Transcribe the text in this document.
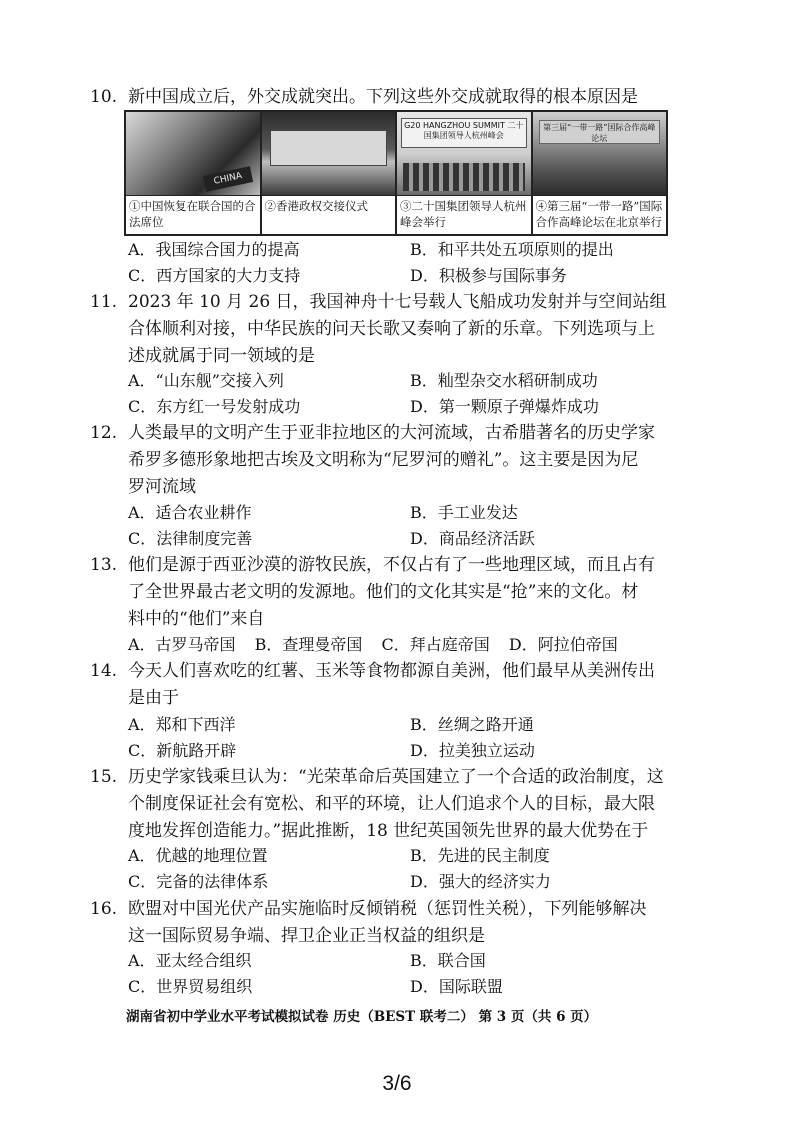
10. 新中国成立后，外交成就突出。下列这些外交成就取得的根本原因是
CHINA
①中国恢复在联合国的合法席位
②香港政权交接仪式
G20 HANGZHOU SUMMIT 二十国集团领导人杭州峰会
③二十国集团领导人杭州峰会举行
第三届“一带一路”国际合作高峰论坛
④第三届“一带一路”国际合作高峰论坛在北京举行
A．我国综合国力的提高	B．和平共处五项原则的提出
C．西方国家的大力支持	D．积极参与国际事务
11. 2023 年 10 月 26 日，我国神舟十七号载人飞船成功发射并与空间站组
合体顺利对接，中华民族的问天长歌又奏响了新的乐章。下列选项与上
述成就属于同一领域的是
A．“山东舰”交接入列	B．籼型杂交水稻研制成功
C．东方红一号发射成功	D．第一颗原子弹爆炸成功
12. 人类最早的文明产生于亚非拉地区的大河流域，古希腊著名的历史学家
希罗多德形象地把古埃及文明称为“尼罗河的赠礼”。这主要是因为尼
罗河流域
A．适合农业耕作	B．手工业发达
C．法律制度完善	D．商品经济活跃
13. 他们是源于西亚沙漠的游牧民族，不仅占有了一些地理区域，而且占有
了全世界最古老文明的发源地。他们的文化其实是“抢”来的文化。材
料中的“他们”来自
A．古罗马帝国 B．查理曼帝国 C．拜占庭帝国 D．阿拉伯帝国
14. 今天人们喜欢吃的红薯、玉米等食物都源自美洲，他们最早从美洲传出
是由于
A．郑和下西洋	B．丝绸之路开通
C．新航路开辟	D．拉美独立运动
15. 历史学家钱乘旦认为：“光荣革命后英国建立了一个合适的政治制度，这
个制度保证社会有宽松、和平的环境，让人们追求个人的目标，最大限
度地发挥创造能力。”据此推断，18 世纪英国领先世界的最大优势在于
A．优越的地理位置	B．先进的民主制度
C．完备的法律体系	D．强大的经济实力
16. 欧盟对中国光伏产品实施临时反倾销税（惩罚性关税），下列能够解决
这一国际贸易争端、捍卫企业正当权益的组织是
A．亚太经合组织	B．联合国
C．世界贸易组织	D．国际联盟
湖南省初中学业水平考试模拟试卷 历史（BEST 联考二） 第 3 页（共 6 页）
3/6
